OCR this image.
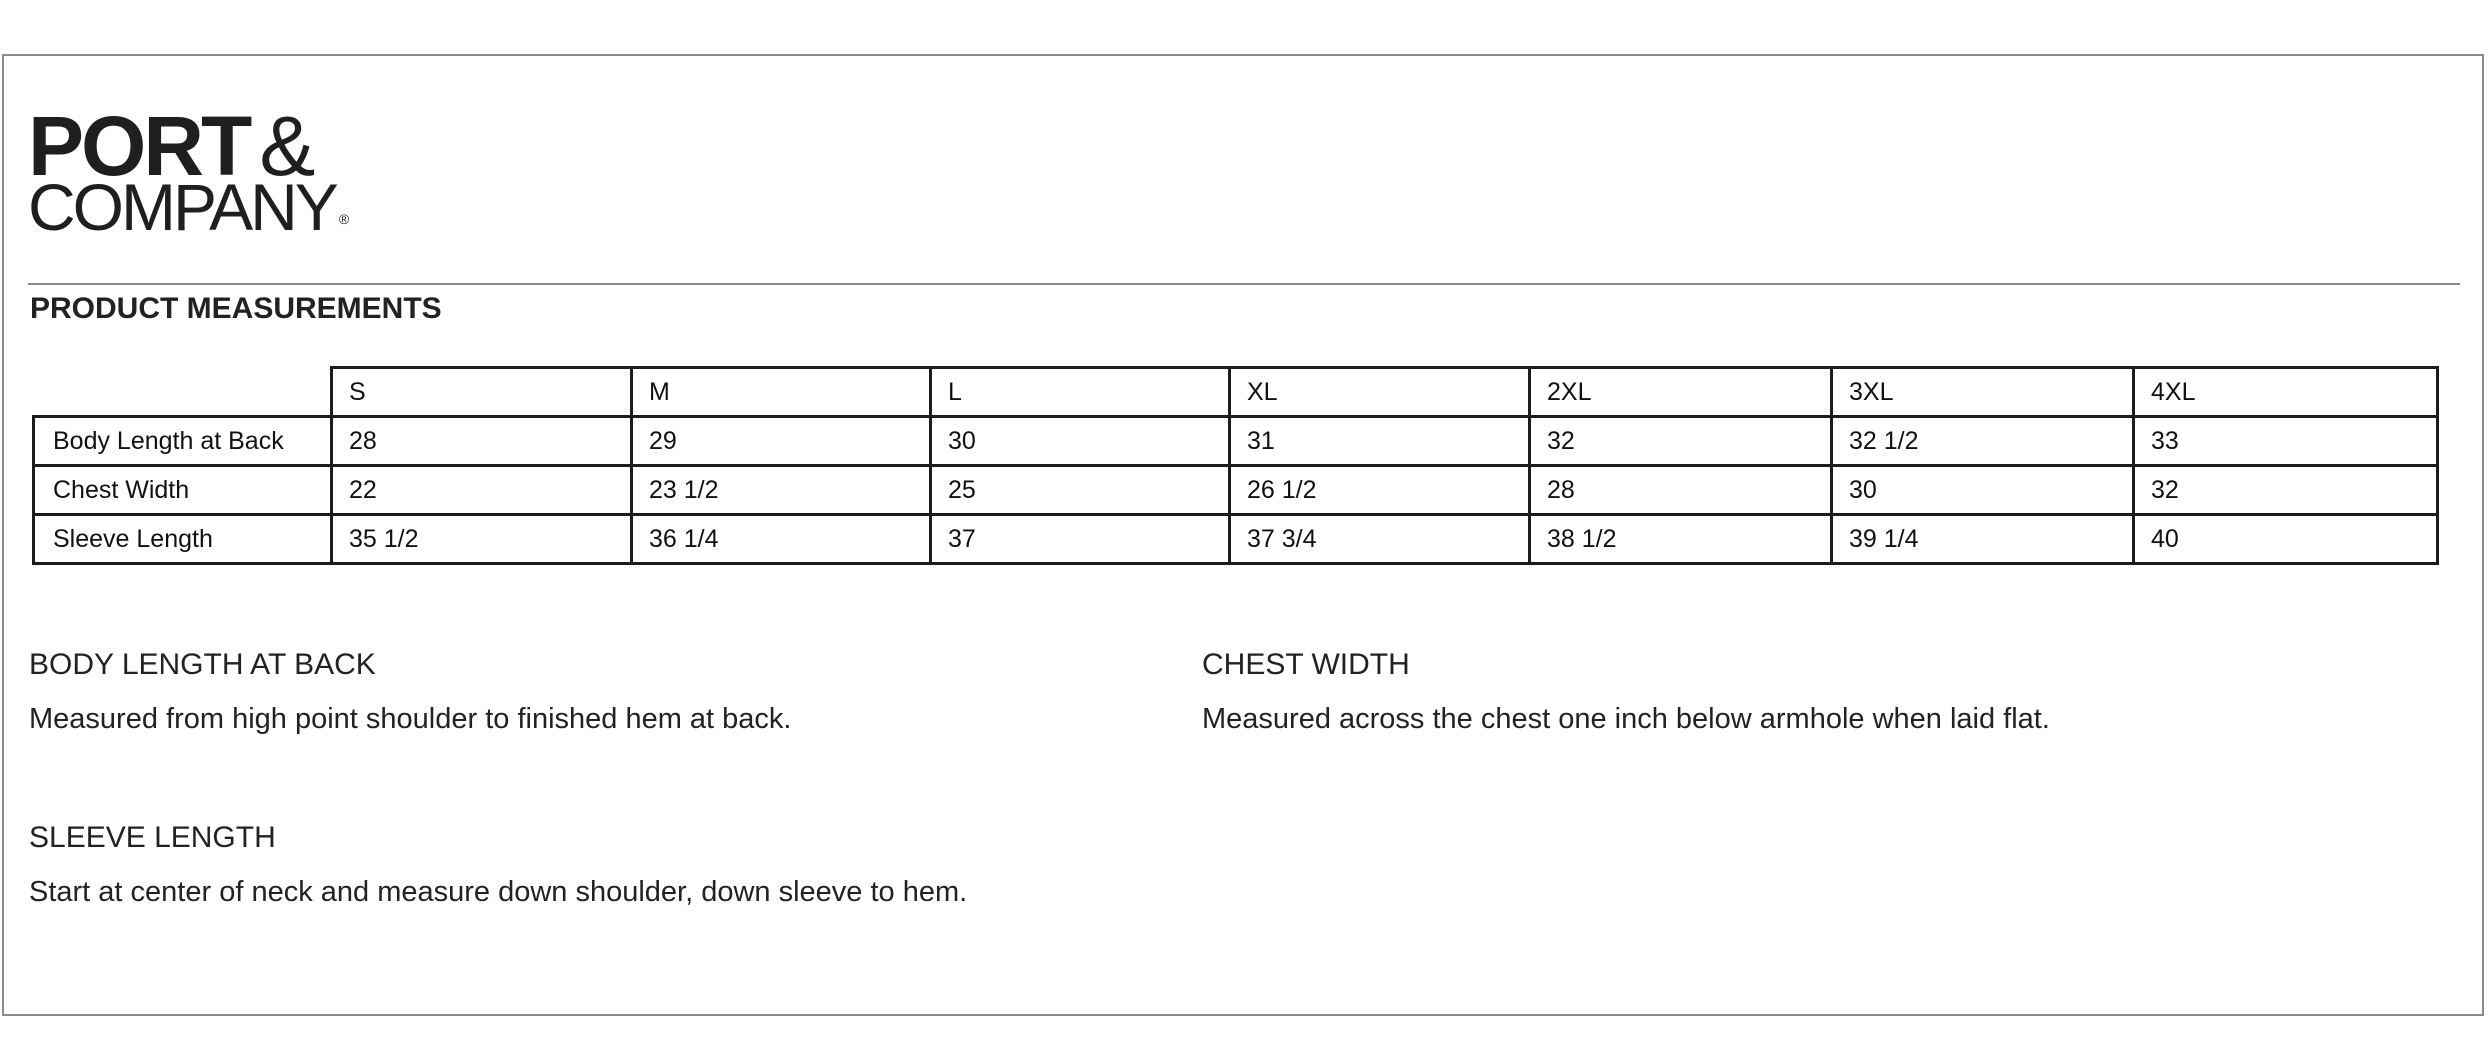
PORT &
COMPANY ®
PRODUCT MEASUREMENTS
	S	M	L	XL	2XL	3XL	4XL
Body Length at Back	28	29	30	31	32	32 1/2	33
Chest Width	22	23 1/2	25	26 1/2	28	30	32
Sleeve Length	35 1/2	36 1/4	37	37 3/4	38 1/2	39 1/4	40
BODY LENGTH AT BACK
Measured from high point shoulder to finished hem at back.
CHEST WIDTH
Measured across the chest one inch below armhole when laid flat.
SLEEVE LENGTH
Start at center of neck and measure down shoulder, down sleeve to hem.
